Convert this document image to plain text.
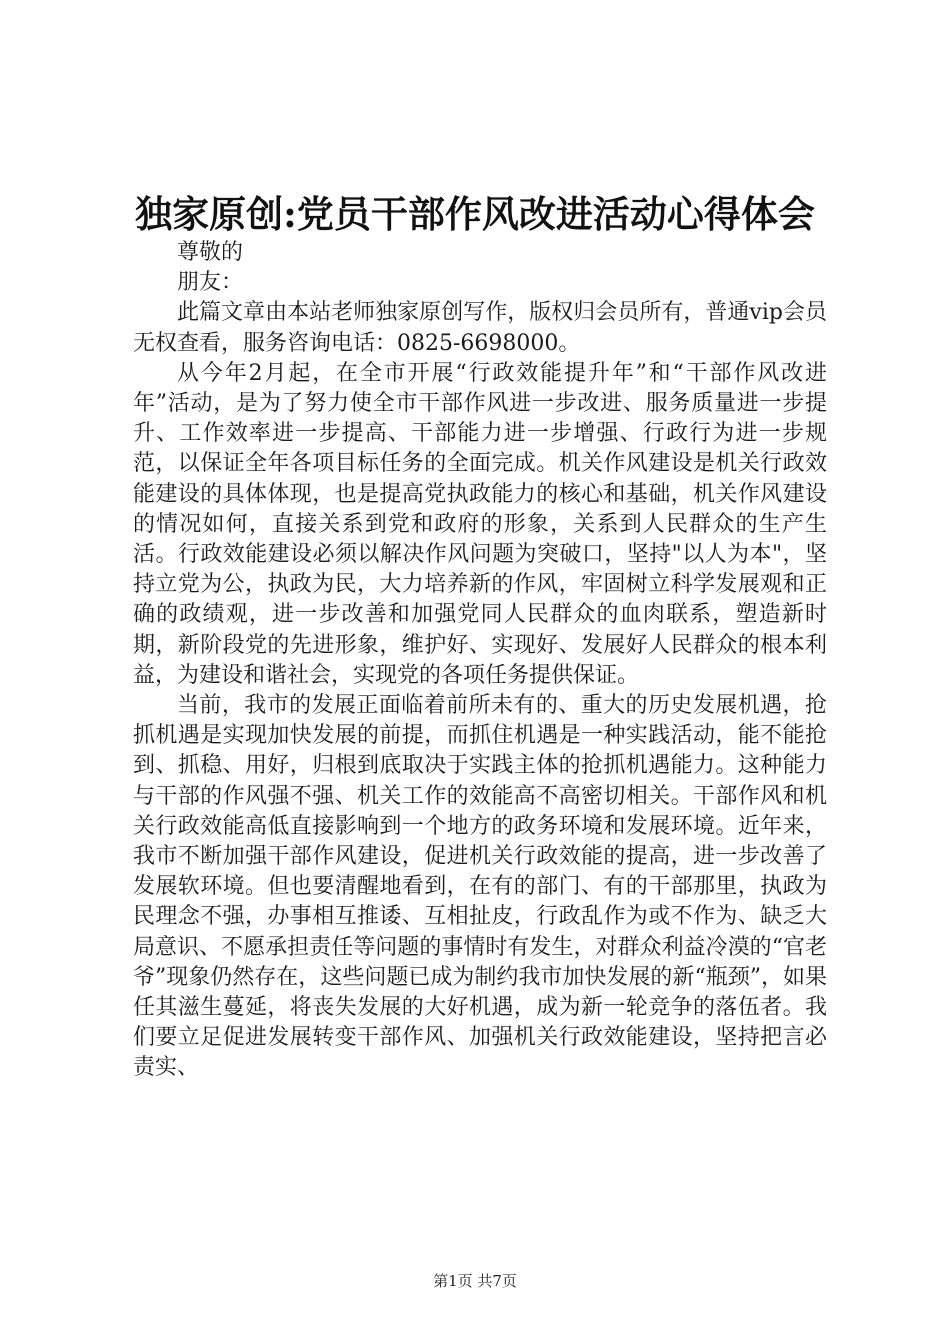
独家原创:党员干部作风改进活动心得体会

尊敬的

朋友：

此篇文章由本站老师独家原创写作，版权归会员所有，普通vip会员无权查看，服务咨询电话：0825-6698000。

从今年2月起，在全市开展“行政效能提升年”和“干部作风改进年”活动，是为了努力使全市干部作风进一步改进、服务质量进一步提升、工作效率进一步提高、干部能力进一步增强、行政行为进一步规范，以保证全年各项目标任务的全面完成。机关作风建设是机关行政效能建设的具体体现，也是提高党执政能力的核心和基础，机关作风建设的情况如何，直接关系到党和政府的形象，关系到人民群众的生产生活。行政效能建设必须以解决作风问题为突破口，坚持"以人为本"，坚持立党为公，执政为民，大力培养新的作风，牢固树立科学发展观和正确的政绩观，进一步改善和加强党同人民群众的血肉联系，塑造新时期，新阶段党的先进形象，维护好、实现好、发展好人民群众的根本利益，为建设和谐社会，实现党的各项任务提供保证。

当前，我市的发展正面临着前所未有的、重大的历史发展机遇，抢抓机遇是实现加快发展的前提，而抓住机遇是一种实践活动，能不能抢到、抓稳、用好，归根到底取决于实践主体的抢抓机遇能力。这种能力与干部的作风强不强、机关工作的效能高不高密切相关。干部作风和机关行政效能高低直接影响到一个地方的政务环境和发展环境。近年来，我市不断加强干部作风建设，促进机关行政效能的提高，进一步改善了发展软环境。但也要清醒地看到，在有的部门、有的干部那里，执政为民理念不强，办事相互推诿、互相扯皮，行政乱作为或不作为、缺乏大局意识、不愿承担责任等问题的事情时有发生，对群众利益冷漠的“官老爷”现象仍然存在，这些问题已成为制约我市加快发展的新“瓶颈”，如果任其滋生蔓延，将丧失发展的大好机遇，成为新一轮竞争的落伍者。我们要立足促进发展转变干部作风、加强机关行政效能建设，坚持把言必责实、

第1页 共7页
